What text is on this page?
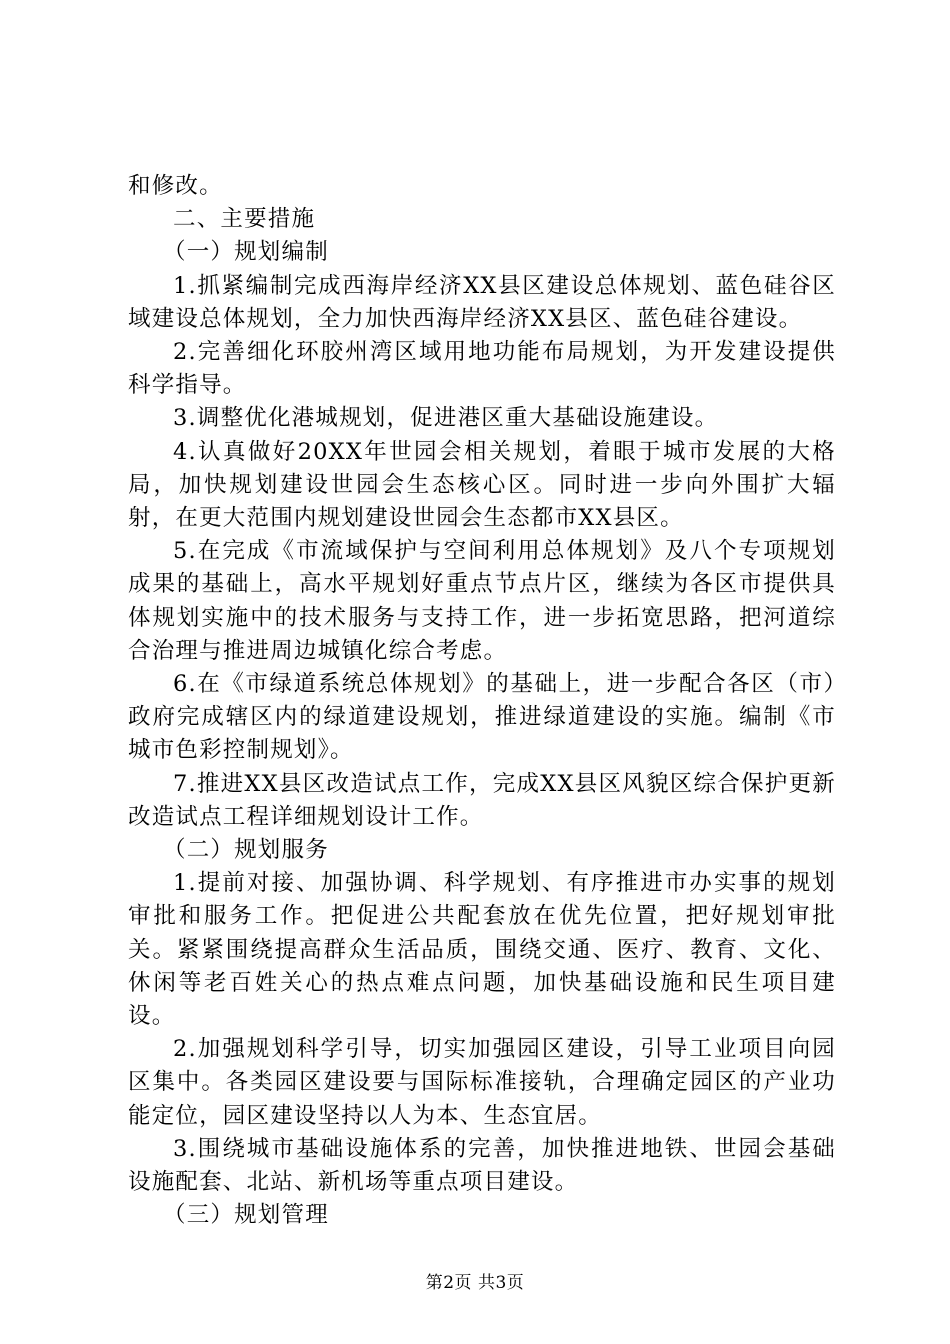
和修改。

二、主要措施

（一）规划编制

1.抓紧编制完成西海岸经济XX县区建设总体规划、蓝色硅谷区域建设总体规划，全力加快西海岸经济XX县区、蓝色硅谷建设。

2.完善细化环胶州湾区域用地功能布局规划，为开发建设提供科学指导。

3.调整优化港城规划，促进港区重大基础设施建设。

4.认真做好20XX年世园会相关规划，着眼于城市发展的大格局，加快规划建设世园会生态核心区。同时进一步向外围扩大辐射，在更大范围内规划建设世园会生态都市XX县区。

5.在完成《市流域保护与空间利用总体规划》及八个专项规划成果的基础上，高水平规划好重点节点片区，继续为各区市提供具体规划实施中的技术服务与支持工作，进一步拓宽思路，把河道综合治理与推进周边城镇化综合考虑。

6.在《市绿道系统总体规划》的基础上，进一步配合各区（市）政府完成辖区内的绿道建设规划，推进绿道建设的实施。编制《市城市色彩控制规划》。

7.推进XX县区改造试点工作，完成XX县区风貌区综合保护更新改造试点工程详细规划设计工作。

（二）规划服务

1.提前对接、加强协调、科学规划、有序推进市办实事的规划审批和服务工作。把促进公共配套放在优先位置，把好规划审批关。紧紧围绕提高群众生活品质，围绕交通、医疗、教育、文化、休闲等老百姓关心的热点难点问题，加快基础设施和民生项目建设。

2.加强规划科学引导，切实加强园区建设，引导工业项目向园区集中。各类园区建设要与国际标准接轨，合理确定园区的产业功能定位，园区建设坚持以人为本、生态宜居。

3.围绕城市基础设施体系的完善，加快推进地铁、世园会基础设施配套、北站、新机场等重点项目建设。

（三）规划管理

第2页 共3页
